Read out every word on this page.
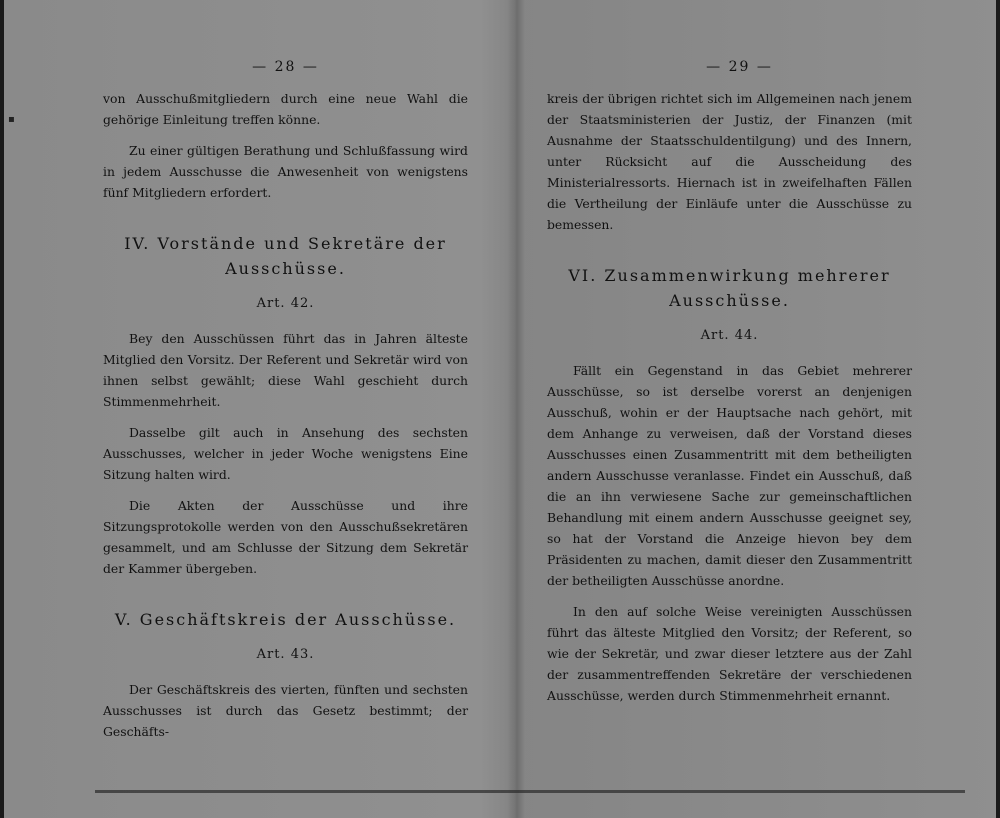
▪
— 28 —

von Ausschußmitgliedern durch eine neue Wahl die gehörige Einleitung treffen könne.

Zu einer gültigen Berathung und Schlußfassung wird in jedem Ausschusse die Anwesenheit von wenigstens fünf Mitgliedern erfordert.

IV. Vorstände und Sekretäre der Ausschüsse.
Art. 42.

Bey den Ausschüssen führt das in Jahren älteste Mitglied den Vorsitz. Der Referent und Sekretär wird von ihnen selbst gewählt; diese Wahl geschieht durch Stimmenmehrheit.

Dasselbe gilt auch in Ansehung des sechsten Ausschusses, welcher in jeder Woche wenigstens Eine Sitzung halten wird.

Die Akten der Ausschüsse und ihre Sitzungsprotokolle werden von den Ausschußsekretären gesammelt, und am Schlusse der Sitzung dem Sekretär der Kammer übergeben.

V. Geschäftskreis der Ausschüsse.
Art. 43.

Der Geschäftskreis des vierten, fünften und sechsten Ausschusses ist durch das Gesetz bestimmt; der Geschäfts-

— 29 —

kreis der übrigen richtet sich im Allgemeinen nach jenem der Staatsministerien der Justiz, der Finanzen (mit Ausnahme der Staatsschuldentilgung) und des Innern, unter Rücksicht auf die Ausscheidung des Ministerialressorts. Hiernach ist in zweifelhaften Fällen die Vertheilung der Einläufe unter die Ausschüsse zu bemessen.

VI. Zusammenwirkung mehrerer Ausschüsse.
Art. 44.

Fällt ein Gegenstand in das Gebiet mehrerer Ausschüsse, so ist derselbe vorerst an denjenigen Ausschuß, wohin er der Hauptsache nach gehört, mit dem Anhange zu verweisen, daß der Vorstand dieses Ausschusses einen Zusammentritt mit dem betheiligten andern Ausschusse veranlasse. Findet ein Ausschuß, daß die an ihn verwiesene Sache zur gemeinschaftlichen Behandlung mit einem andern Ausschusse geeignet sey, so hat der Vorstand die Anzeige hievon bey dem Präsidenten zu machen, damit dieser den Zusammentritt der betheiligten Ausschüsse anordne.

In den auf solche Weise vereinigten Ausschüssen führt das älteste Mitglied den Vorsitz; der Referent, so wie der Sekretär, und zwar dieser letztere aus der Zahl der zusammentreffenden Sekretäre der verschiedenen Ausschüsse, werden durch Stimmenmehrheit ernannt.
